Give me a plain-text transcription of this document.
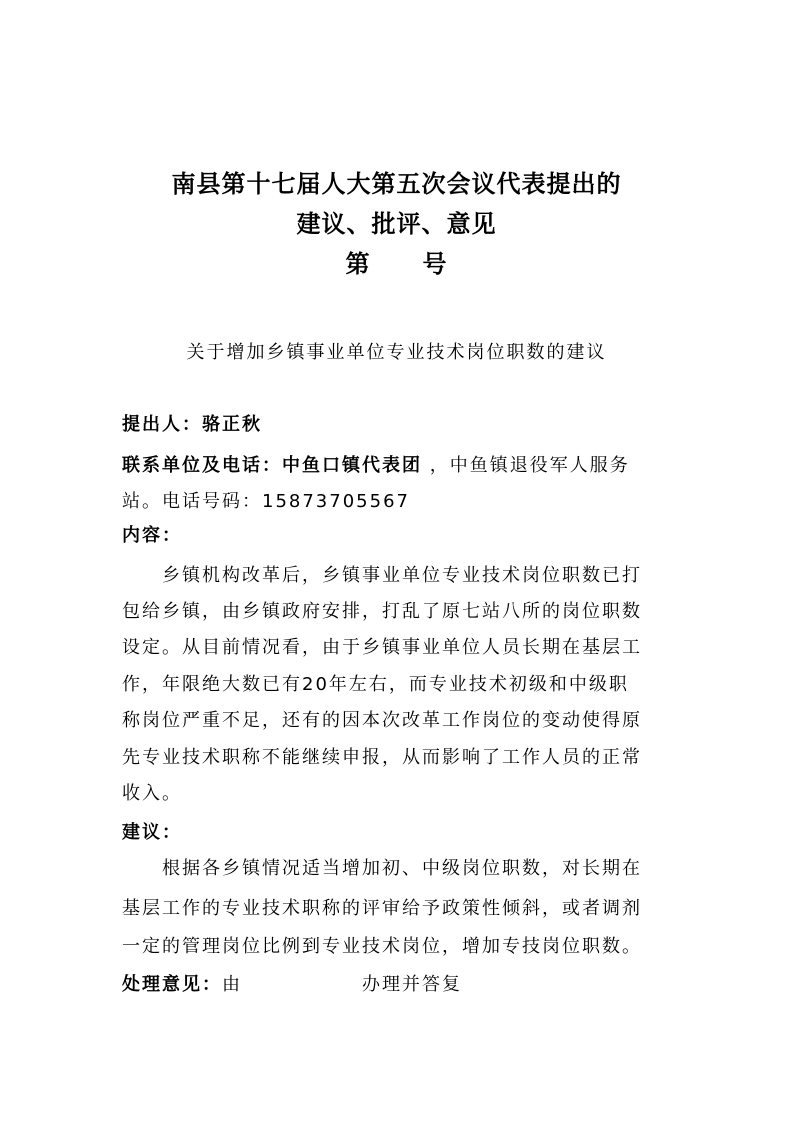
南县第十七届人大第五次会议代表提出的
建议、批评、意见
第 号
关于增加乡镇事业单位专业技术岗位职数的建议
提出人：骆正秋
联系单位及电话：中鱼口镇代表团 ，中鱼镇退役军人服务
站。电话号码：15873705567
内容：
乡镇机构改革后，乡镇事业单位专业技术岗位职数已打
包给乡镇，由乡镇政府安排，打乱了原七站八所的岗位职数
设定。从目前情况看，由于乡镇事业单位人员长期在基层工
作，年限绝大数已有20年左右，而专业技术初级和中级职
称岗位严重不足，还有的因本次改革工作岗位的变动使得原
先专业技术职称不能继续申报，从而影响了工作人员的正常
收入。
建议：
根据各乡镇情况适当增加初、中级岗位职数，对长期在
基层工作的专业技术职称的评审给予政策性倾斜，或者调剂
一定的管理岗位比例到专业技术岗位，增加专技岗位职数。
处理意见：由	办理并答复
